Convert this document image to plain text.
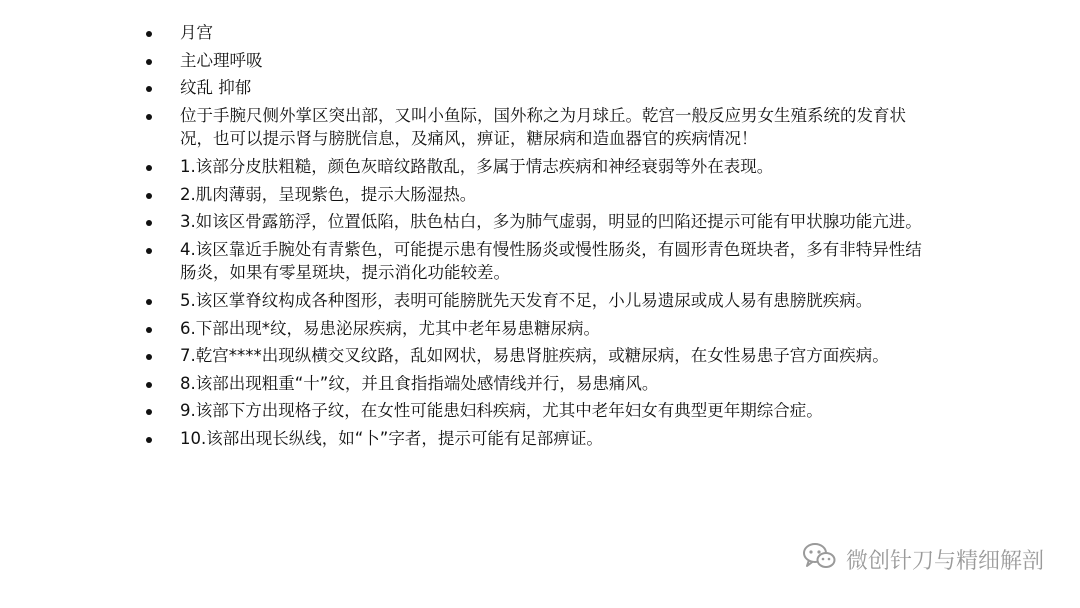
月宫
主心理呼吸
纹乱 抑郁
位于手腕尺侧外掌区突出部，又叫小鱼际，国外称之为月球丘。乾宫一般反应男女生殖系统的发育状况，也可以提示肾与膀胱信息，及痛风，痹证，糖尿病和造血器官的疾病情况！
1.该部分皮肤粗糙，颜色灰暗纹路散乱，多属于情志疾病和神经衰弱等外在表现。
2.肌肉薄弱，呈现紫色，提示大肠湿热。
3.如该区骨露筋浮，位置低陷，肤色枯白，多为肺气虚弱，明显的凹陷还提示可能有甲状腺功能亢进。
4.该区靠近手腕处有青紫色，可能提示患有慢性肠炎或慢性肠炎，有圆形青色斑块者，多有非特异性结肠炎，如果有零星斑块，提示消化功能较差。
5.该区掌脊纹构成各种图形，表明可能膀胱先天发育不足，小儿易遗尿或成人易有患膀胱疾病。
6.下部出现*纹，易患泌尿疾病，尤其中老年易患糖尿病。
7.乾宫****出现纵横交叉纹路，乱如网状，易患肾脏疾病，或糖尿病，在女性易患子宫方面疾病。
8.该部出现粗重“十”纹，并且食指指端处感情线并行，易患痛风。
9.该部下方出现格子纹，在女性可能患妇科疾病，尤其中老年妇女有典型更年期综合症。
10.该部出现长纵线，如“卜”字者，提示可能有足部痹证。
微创针刀与精细解剖
